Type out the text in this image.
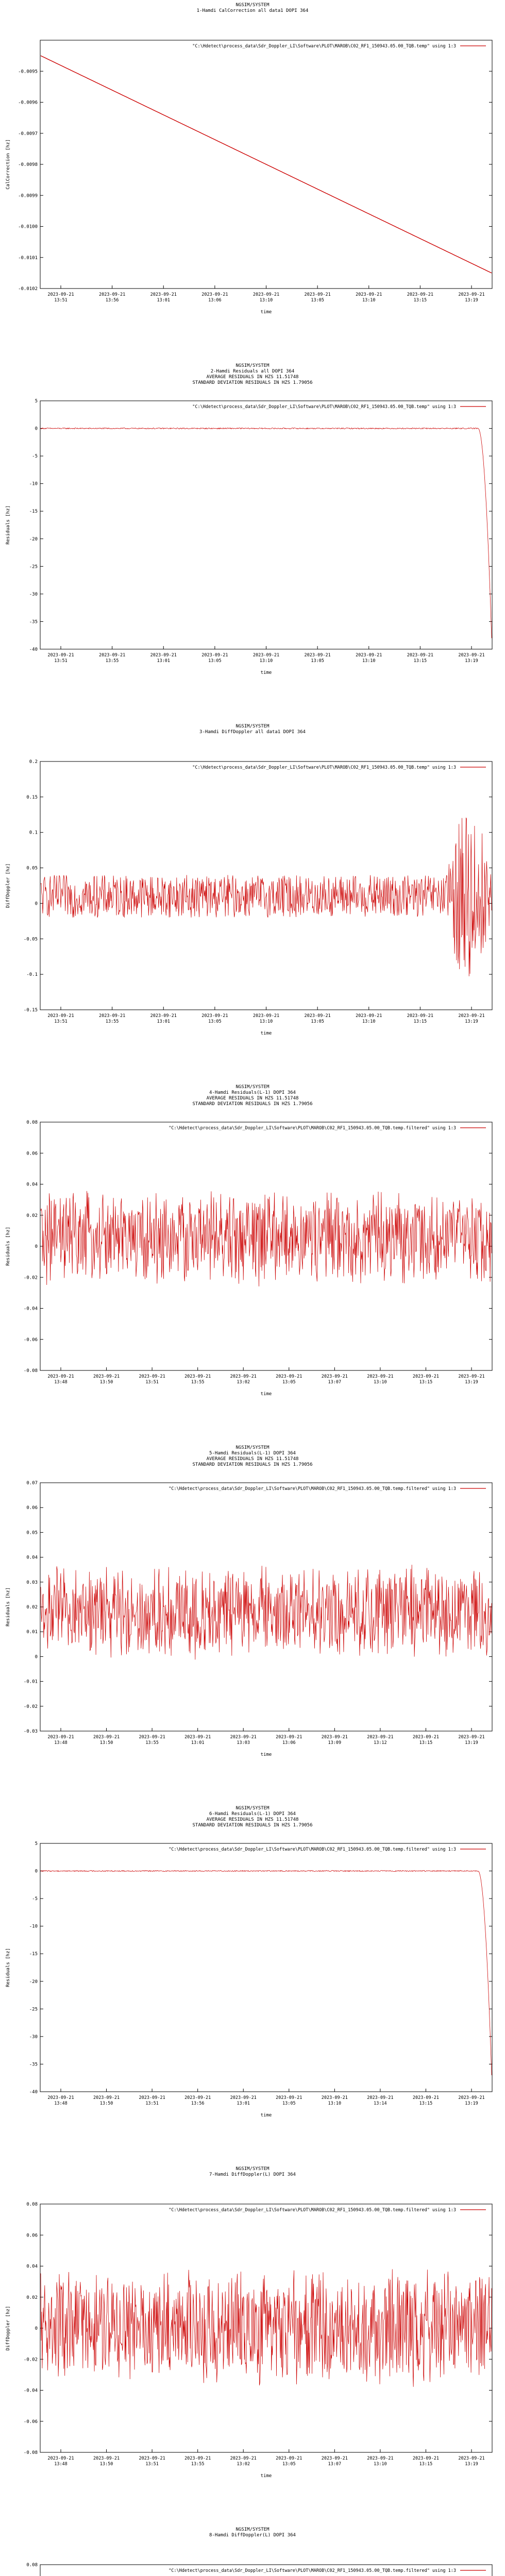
NGSIM/SYSTEM
1-Hamdi CalCorrection all data1 DOPI 364
"C:\Hdetect\process_data\Sdr_Doppler_LI\Software\PLOT\MAROB\C02_RF1_150943.05.00_TQB.temp" using 1:3
-0.0095
-0.0096
-0.0097
-0.0098
-0.0099
-0.0100
-0.0101
-0.0102
2023-09-21
13:51
2023-09-21
13:56
2023-09-21
13:01
2023-09-21
13:06
2023-09-21
13:10
2023-09-21
13:05
2023-09-21
13:10
2023-09-21
13:15
2023-09-21
13:19
time
CalCorrection [hz]
NGSIM/SYSTEM
2-Hamdi Residuals all DOPI 364
AVERAGE RESIDUALS IN HZS 11.51748
STANDARD DEVIATION RESIDUALS IN HZS 1.79056
"C:\Hdetect\process_data\Sdr_Doppler_LI\Software\PLOT\MAROB\C02_RF1_150943.05.00_TQB.temp" using 1:3
5
0
-5
-10
-15
-20
-25
-30
-35
-40
2023-09-21
13:51
2023-09-21
13:55
2023-09-21
13:01
2023-09-21
13:05
2023-09-21
13:10
2023-09-21
13:05
2023-09-21
13:10
2023-09-21
13:15
2023-09-21
13:19
time
Residuals [hz]
NGSIM/SYSTEM
3-Hamdi DiffDoppler all data1 DOPI 364
"C:\Hdetect\process_data\Sdr_Doppler_LI\Software\PLOT\MAROB\C02_RF1_150943.05.00_TQB.temp" using 1:3
0.2
0.15
0.1
0.05
0
-0.05
-0.1
-0.15
2023-09-21
13:51
2023-09-21
13:55
2023-09-21
13:01
2023-09-21
13:05
2023-09-21
13:10
2023-09-21
13:05
2023-09-21
13:10
2023-09-21
13:15
2023-09-21
13:19
time
DiffDoppler [hz]
NGSIM/SYSTEM
4-Hamdi Residuals(L-1) DOPI 364
AVERAGE RESIDUALS IN HZS 11.51748
STANDARD DEVIATION RESIDUALS IN HZS 1.79056
"C:\Hdetect\process_data\Sdr_Doppler_LI\Software\PLOT\MAROB\C02_RF1_150943.05.00_TQB.temp.filtered" using 1:3
0.08
0.06
0.04
0.02
0
-0.02
-0.04
-0.06
-0.08
2023-09-21
13:48
2023-09-21
13:50
2023-09-21
13:51
2023-09-21
13:55
2023-09-21
13:02
2023-09-21
13:05
2023-09-21
13:07
2023-09-21
13:10
2023-09-21
13:15
2023-09-21
13:19
time
Residuals [hz]
NGSIM/SYSTEM
5-Hamdi Residuals(L-1) DOPI 364
AVERAGE RESIDUALS IN HZS 11.51748
STANDARD DEVIATION RESIDUALS IN HZS 1.79056
"C:\Hdetect\process_data\Sdr_Doppler_LI\Software\PLOT\MAROB\C02_RF1_150943.05.00_TQB.temp.filtered" using 1:3
0.07
0.06
0.05
0.04
0.03
0.02
0.01
0
-0.01
-0.02
-0.03
2023-09-21
13:48
2023-09-21
13:50
2023-09-21
13:55
2023-09-21
13:01
2023-09-21
13:03
2023-09-21
13:06
2023-09-21
13:09
2023-09-21
13:12
2023-09-21
13:15
2023-09-21
13:19
time
Residuals [hz]
NGSIM/SYSTEM
6-Hamdi Residuals(L-1) DOPI 364
AVERAGE RESIDUALS IN HZS 11.51748
STANDARD DEVIATION RESIDUALS IN HZS 1.79056
"C:\Hdetect\process_data\Sdr_Doppler_LI\Software\PLOT\MAROB\C02_RF1_150943.05.00_TQB.temp.filtered" using 1:3
5
0
-5
-10
-15
-20
-25
-30
-35
-40
2023-09-21
13:48
2023-09-21
13:50
2023-09-21
13:51
2023-09-21
13:56
2023-09-21
13:01
2023-09-21
13:05
2023-09-21
13:10
2023-09-21
13:14
2023-09-21
13:15
2023-09-21
13:19
time
Residuals [hz]
NGSIM/SYSTEM
7-Hamdi DiffDoppler(L) DOPI 364
"C:\Hdetect\process_data\Sdr_Doppler_LI\Software\PLOT\MAROB\C02_RF1_150943.05.00_TQB.temp.filtered" using 1:3
0.08
0.06
0.04
0.02
0
-0.02
-0.04
-0.06
-0.08
2023-09-21
13:48
2023-09-21
13:50
2023-09-21
13:51
2023-09-21
13:55
2023-09-21
13:02
2023-09-21
13:05
2023-09-21
13:07
2023-09-21
13:10
2023-09-21
13:15
2023-09-21
13:19
time
DiffDoppler [hz]
NGSIM/SYSTEM
8-Hamdi DiffDoppler(L) DOPI 364
"C:\Hdetect\process_data\Sdr_Doppler_LI\Software\PLOT\MAROB\C02_RF1_150943.05.00_TQB.temp.filtered" using 1:3
0.08
